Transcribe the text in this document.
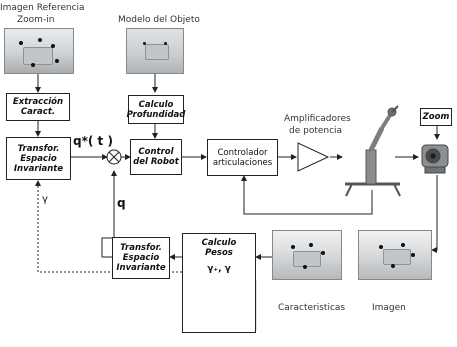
Imagen Referencia
Zoom-in	Modelo del Objeto
Extracción
Caract.
Calculo
Profundidad
Transfor.
Espacio
Invariante
Control
del Robot
Controlador
articulaciones
Zoom
Transfor.
Espacio
Invariante
Calculo
Pesos
γ₊, γ
Amplificadores
de potencia
q*( t )
q
γ
Caracteristicas	Imagen
